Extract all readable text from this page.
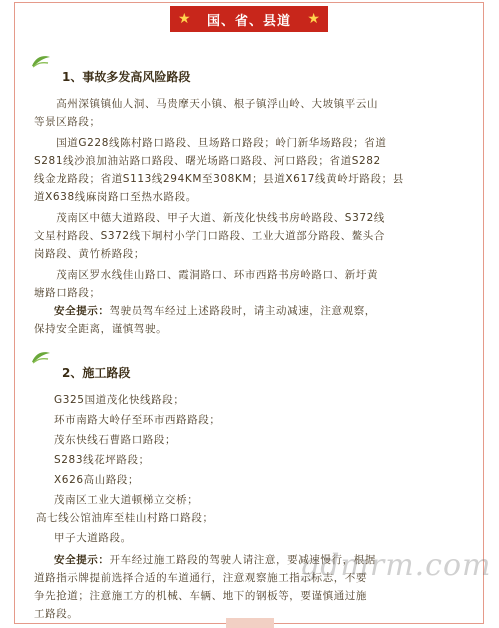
★ 国、省、县道 ★
1、事故多发高风险路段
　　高州深镇镇仙人洞、马贵摩天小镇、根子镇浮山岭、大坡镇平云山
等景区路段；
　　国道G228线陈村路口路段、旦场路口路段；岭门新华场路段；省道
S281线沙浪加油站路口路段、曙光场路口路段、河口路段；省道S282
线金龙路段；省道S113线294KM至308KM；县道X617线黄岭圩路段；县
道X638线麻岗路口至热水路段。
　　茂南区中德大道路段、甲子大道、新茂化快线书房岭路段、S372线
文星村路段、S372线下垌村小学门口路段、工业大道部分路段、鳌头合
岗路段、黄竹桥路段；
　　茂南区罗水线佳山路口、霞洞路口、环市西路书房岭路口、新圩黄
塘路口路段；
安全提示：驾驶员驾车经过上述路段时，请主动减速，注意观察，
保持安全距离，谨慎驾驶。
2、施工路段
G325国道茂化快线路段；
环市南路大岭仔至环市西路路段；
茂东快线石曹路口路段；
S283线花坪路段；
X626高山路段；
茂南区工业大道顿梯立交桥；
高七线公馆油库至桂山村路口路段；
甲子大道路段。
安全提示：开车经过施工路段的驾驶人请注意，要减速慢行，根据
道路指示牌提前选择合适的车道通行，注意观察施工指示标志，不要
争先抢道；注意施工方的机械、车辆、地下的钢板等，要谨慎通过施
工路段。
gdmrm.com
